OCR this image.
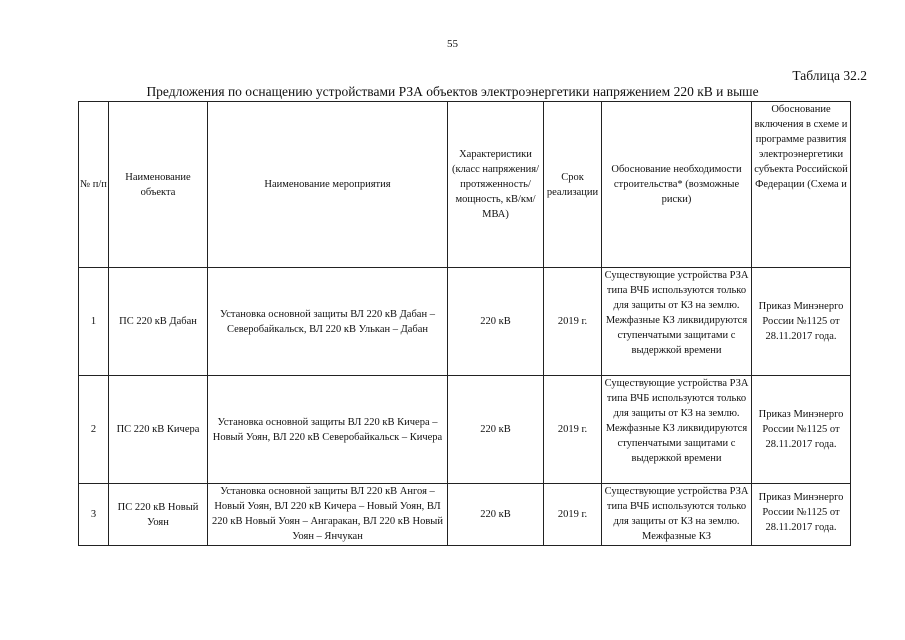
55
Таблица 32.2
Предложения по оснащению устройствами РЗА объектов электроэнергетики напряжением 220 кВ и выше
№ п/п	Наименование объекта	Наименование мероприятия	Характеристики (класс напряжения/ протяженность/ мощность, кВ/км/МВА)	Срок реализации	Обоснование необходимости строительства* (возможные риски)	Обоснование включения в схеме и программе развития электроэнергетики субъекта Российской Федерации (Схема и

1	ПС 220 кВ Дабан	Установка основной защиты ВЛ 220 кВ Дабан – Северобайкальск, ВЛ 220 кВ Улькан – Дабан	220 кВ	2019 г.	Существующие устройства РЗА типа ВЧБ используются только для защиты от КЗ на землю. Межфазные КЗ ликвидируются ступенчатыми защитами с выдержкой времени	Приказ Минэнерго России №1125 от 28.11.2017 года.
2	ПС 220 кВ Кичера	Установка основной защиты ВЛ 220 кВ Кичера – Новый Уоян, ВЛ 220 кВ Северобайкальск – Кичера	220 кВ	2019 г.	Существующие устройства РЗА типа ВЧБ используются только для защиты от КЗ на землю. Межфазные КЗ ликвидируются ступенчатыми защитами с выдержкой времени	Приказ Минэнерго России №1125 от 28.11.2017 года.
3	ПС 220 кВ Новый Уоян	Установка основной защиты ВЛ 220 кВ Ангоя – Новый Уоян, ВЛ 220 кВ Кичера – Новый Уоян, ВЛ 220 кВ Новый Уоян – Ангаракан, ВЛ 220 кВ Новый Уоян – Янчукан	220 кВ	2019 г.	Существующие устройства РЗА типа ВЧБ используются только для защиты от КЗ на землю. Межфазные КЗ	Приказ Минэнерго России №1125 от 28.11.2017 года.
